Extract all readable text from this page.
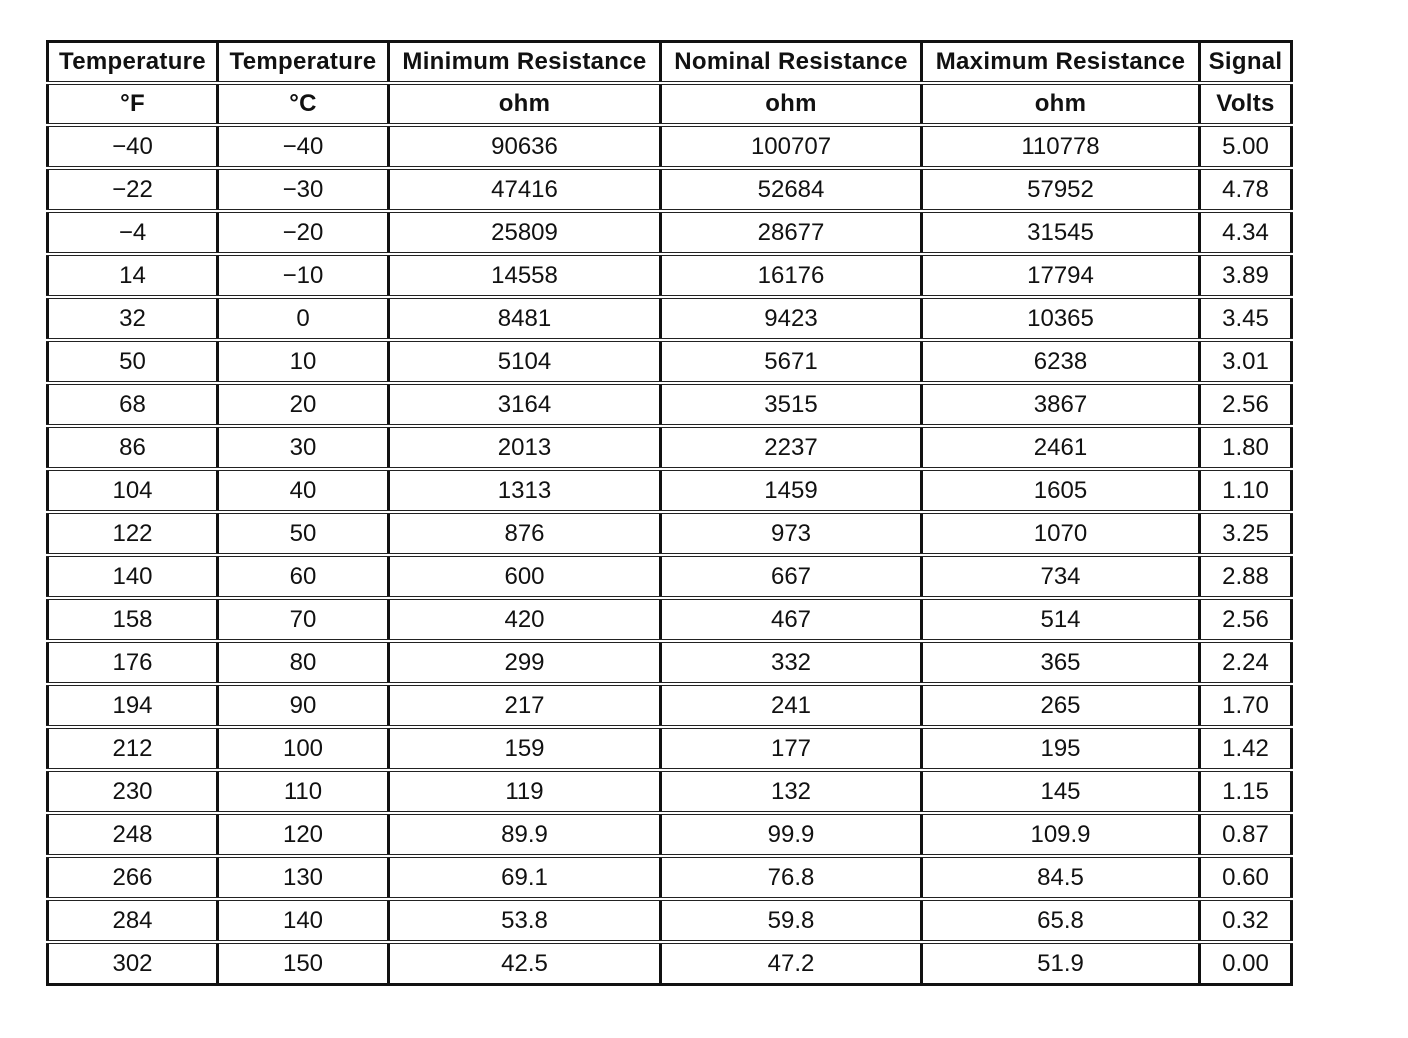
Temperature	Temperature	Minimum Resistance	Nominal Resistance	Maximum Resistance	Signal
°F	°C	ohm	ohm	ohm	Volts
−40	−40	90636	100707	110778	5.00
−22	−30	47416	52684	57952	4.78
−4	−20	25809	28677	31545	4.34
14	−10	14558	16176	17794	3.89
32	0	8481	9423	10365	3.45
50	10	5104	5671	6238	3.01
68	20	3164	3515	3867	2.56
86	30	2013	2237	2461	1.80
104	40	1313	1459	1605	1.10
122	50	876	973	1070	3.25
140	60	600	667	734	2.88
158	70	420	467	514	2.56
176	80	299	332	365	2.24
194	90	217	241	265	1.70
212	100	159	177	195	1.42
230	110	119	132	145	1.15
248	120	89.9	99.9	109.9	0.87
266	130	69.1	76.8	84.5	0.60
284	140	53.8	59.8	65.8	0.32
302	150	42.5	47.2	51.9	0.00
